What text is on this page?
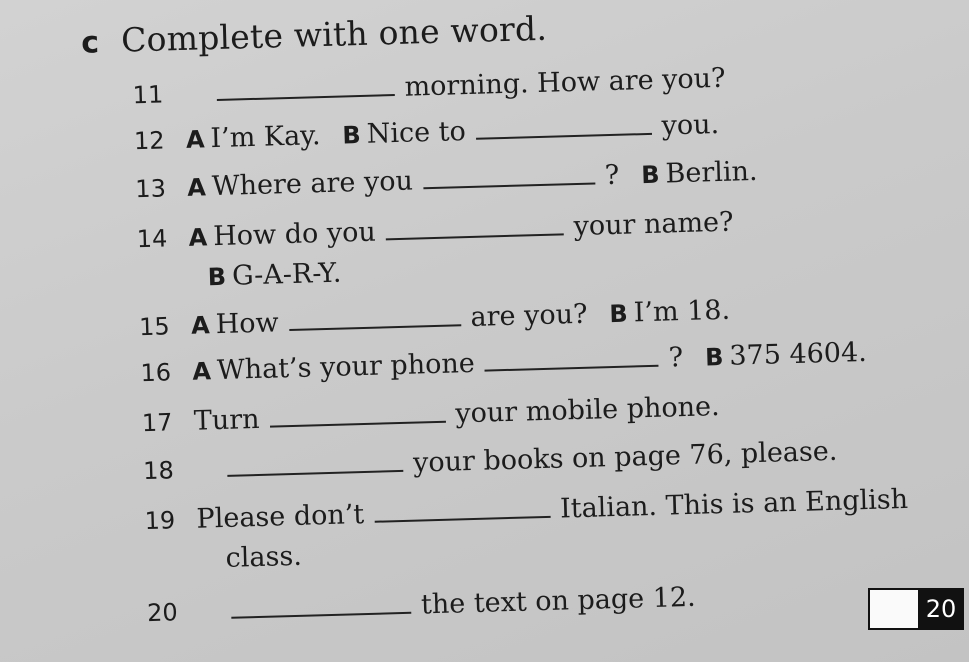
c Complete with one word.
11	morning. How are you?
12 A I’m Kay. B Nice to	you.
13 A Where are you	? B Berlin.
14 A How do you	your name?
B G-A-R-Y.
15 A How	are you? B I’m 18.
16 A What’s your phone	? B 375 4604.
17 Turn	your mobile phone.
18	your books on page 76, please.
19 Please don’t	Italian. This is an English
class.
20	the text on page 12.	20
